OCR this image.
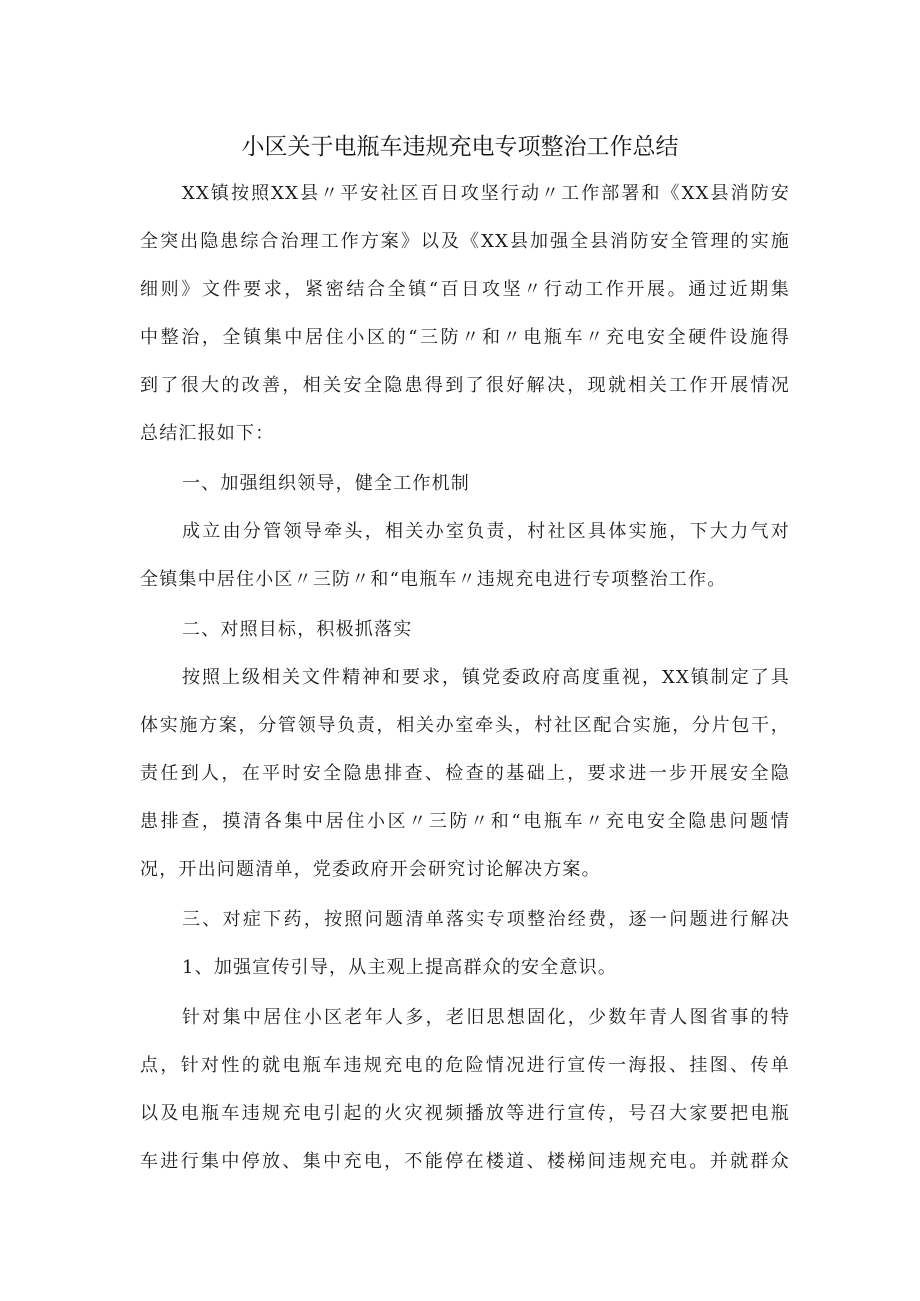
小区关于电瓶车违规充电专项整治工作总结
XX镇按照XX县〃平安社区百日攻坚行动〃工作部署和《XX县消防安
全突出隐患综合治理工作方案》以及《XX县加强全县消防安全管理的实施
细则》文件要求，紧密结合全镇“百日攻坚〃行动工作开展。通过近期集
中整治，全镇集中居住小区的“三防〃和〃电瓶车〃充电安全硬件设施得
到了很大的改善，相关安全隐患得到了很好解决，现就相关工作开展情况
总结汇报如下：
一、加强组织领导，健全工作机制
成立由分管领导牵头，相关办室负责，村社区具体实施，下大力气对
全镇集中居住小区〃三防〃和“电瓶车〃违规充电进行专项整治工作。
二、对照目标，积极抓落实
按照上级相关文件精神和要求，镇党委政府高度重视，XX镇制定了具
体实施方案，分管领导负责，相关办室牵头，村社区配合实施，分片包干，
责任到人，在平时安全隐患排查、检查的基础上，要求进一步开展安全隐
患排查，摸清各集中居住小区〃三防〃和“电瓶车〃充电安全隐患问题情
况，开出问题清单，党委政府开会研究讨论解决方案。
三、对症下药，按照问题清单落实专项整治经费，逐一问题进行解决
1、加强宣传引导，从主观上提高群众的安全意识。
针对集中居住小区老年人多，老旧思想固化，少数年青人图省事的特
点，针对性的就电瓶车违规充电的危险情况进行宣传一海报、挂图、传单
以及电瓶车违规充电引起的火灾视频播放等进行宣传，号召大家要把电瓶
车进行集中停放、集中充电，不能停在楼道、楼梯间违规充电。并就群众
